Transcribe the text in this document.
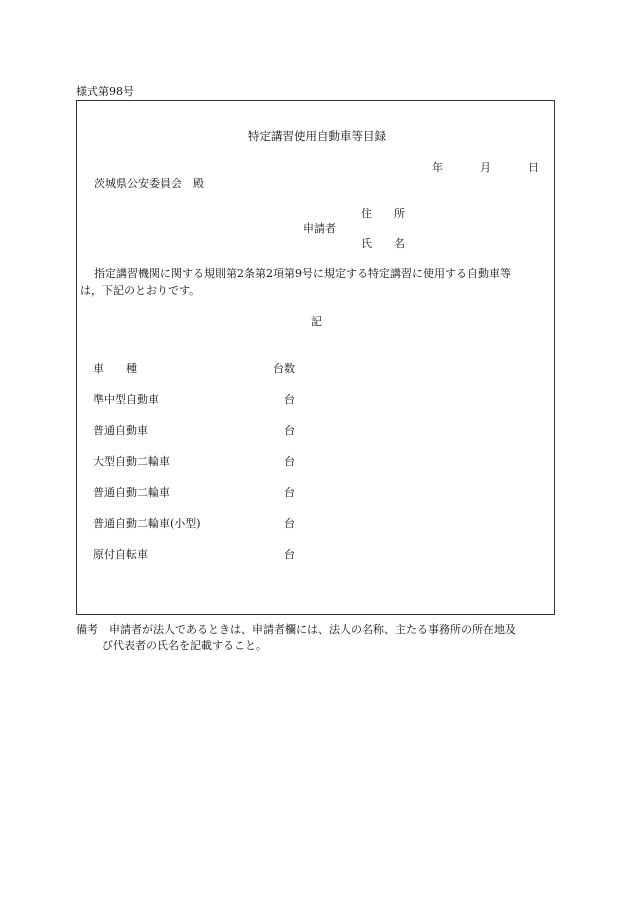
様式第98号
特定講習使用自動車等目録
年	月	日
茨城県公安委員会　殿
住　　所
申請者
氏　　名
指定講習機関に関する規則第2条第2項第9号に規定する特定講習に使用する自動車等
は，下記のとおりです。
記
車　　種	台数
準中型自動車	台
普通自動車	台
大型自動二輪車	台
普通自動二輪車	台
普通自動二輪車(小型)	台
原付自転車	台
備考　申請者が法人であるときは、申請者欄には、法人の名称、主たる事務所の所在地及
び代表者の氏名を記載すること。
